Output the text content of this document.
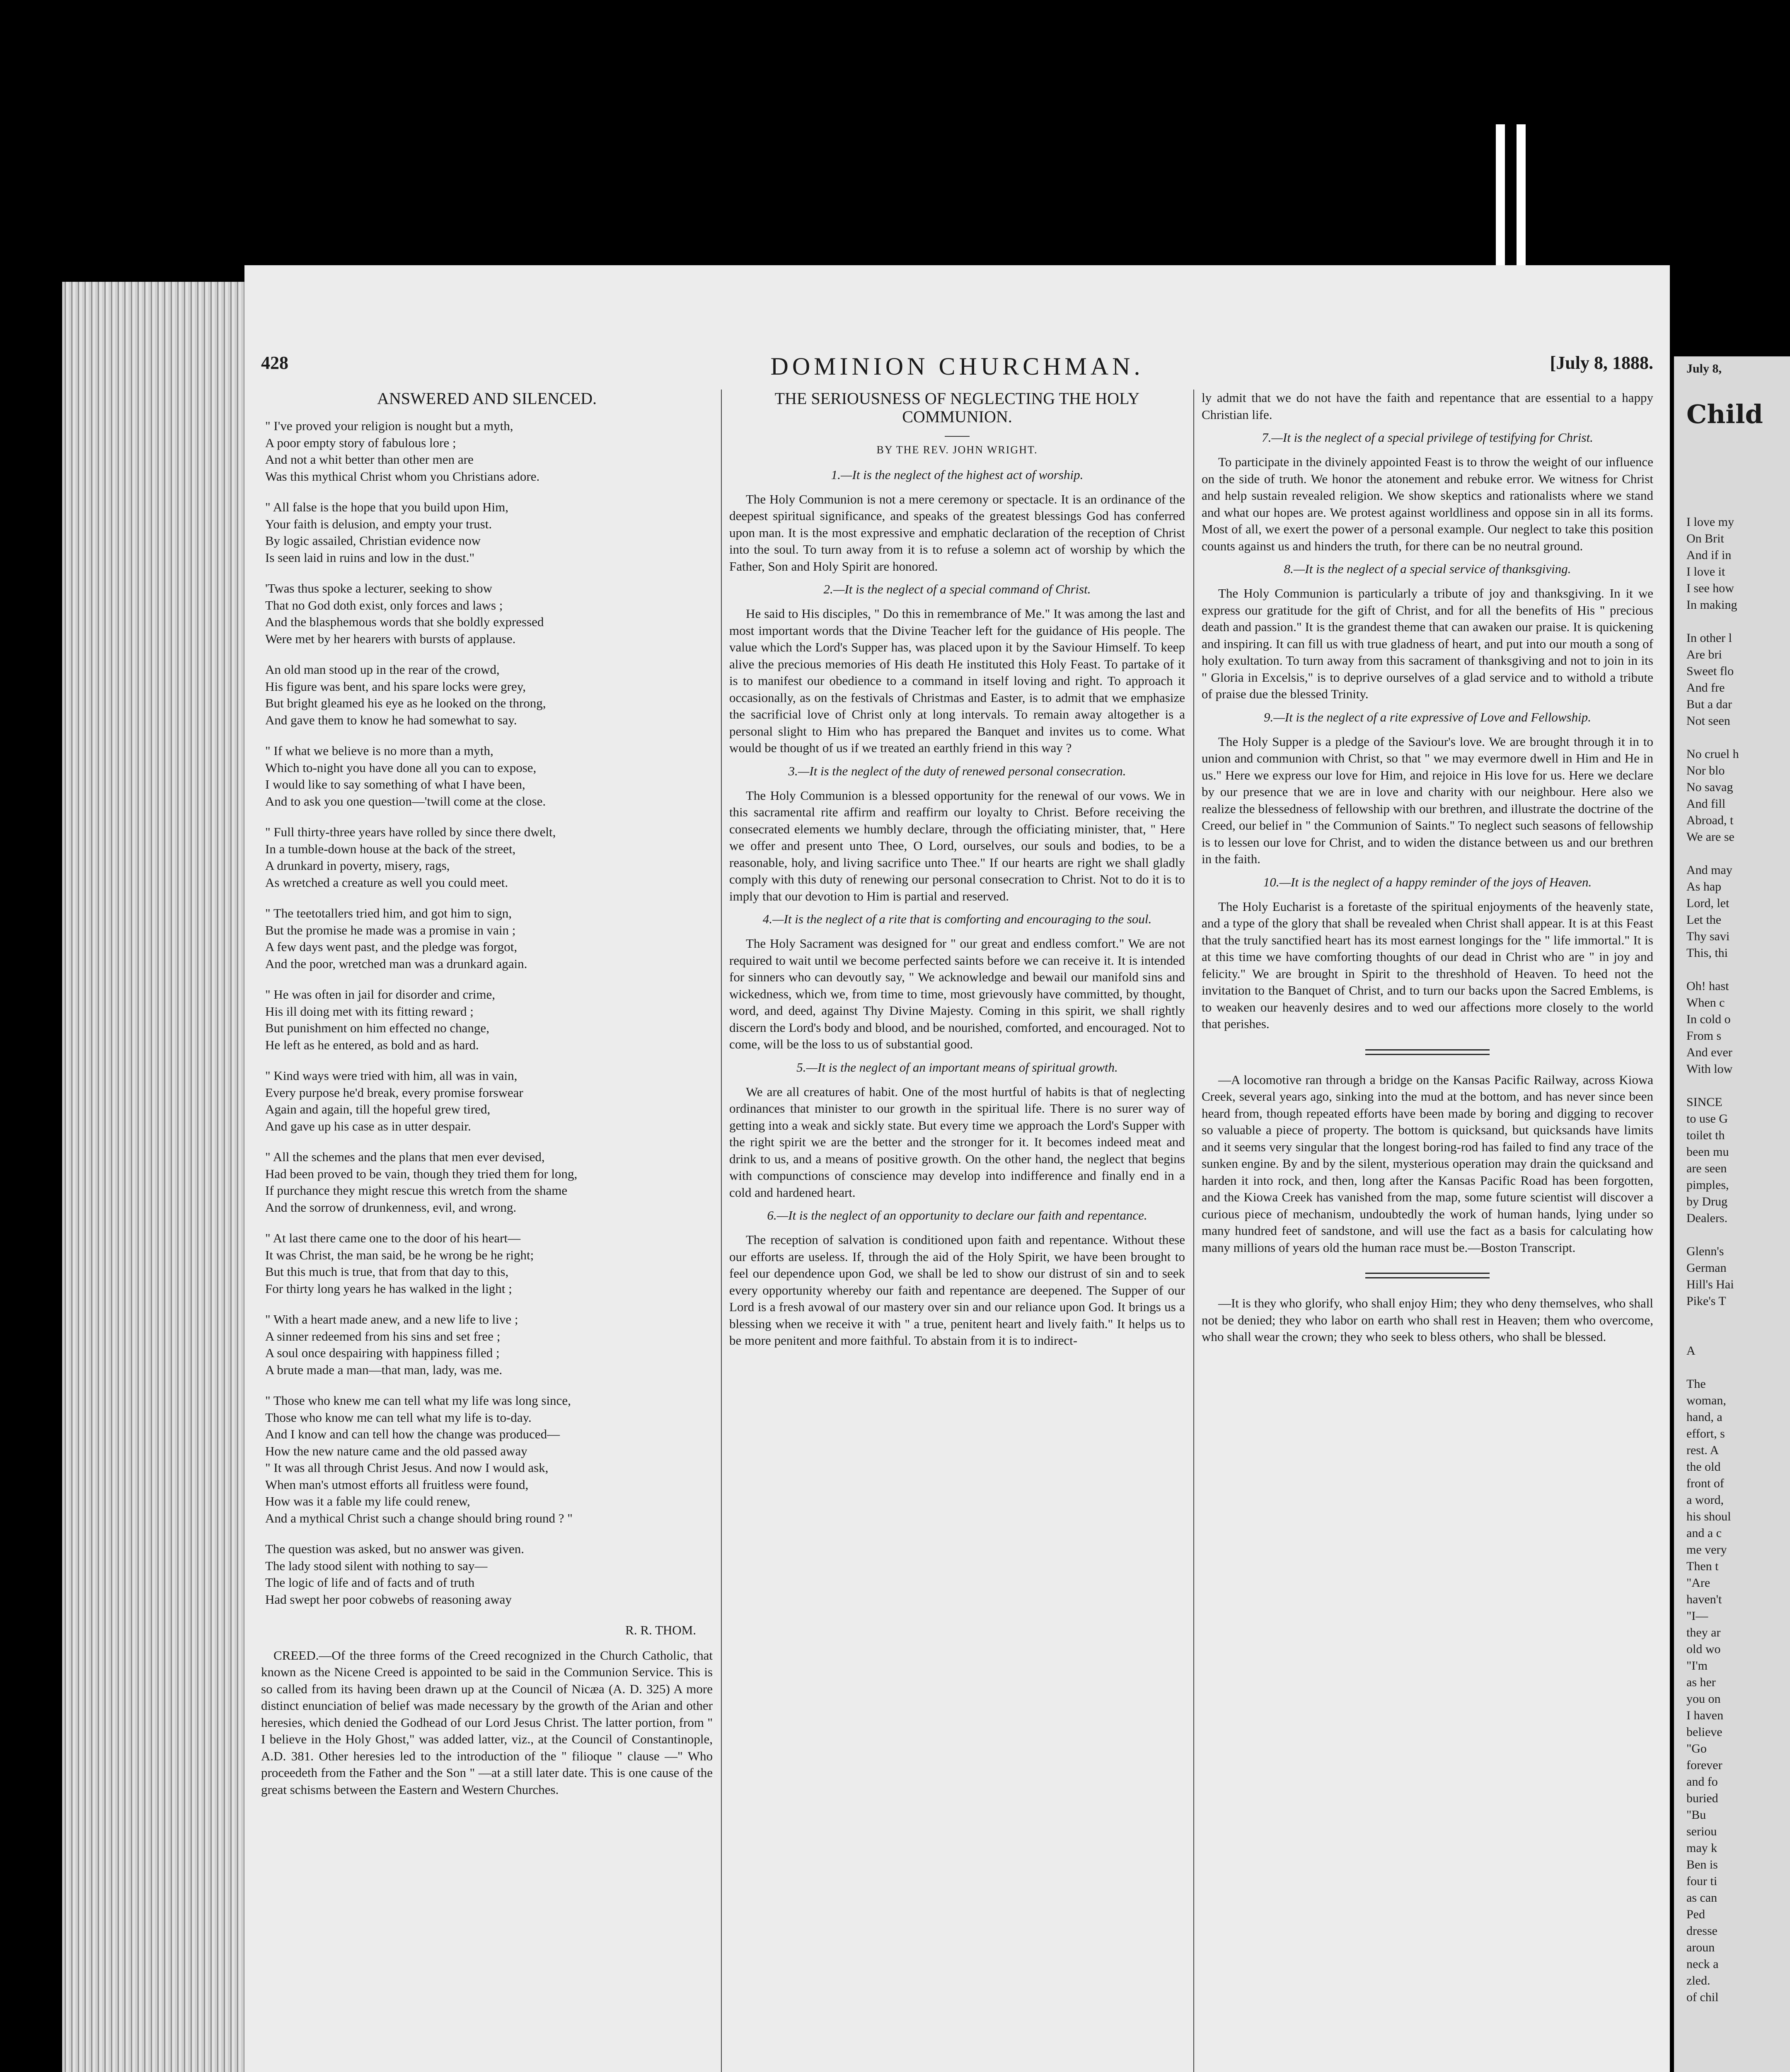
428	DOMINION CHURCHMAN.	[July 8, 1888.
ANSWERED AND SILENCED.
" I've proved your religion is nought but a myth,
A poor empty story of fabulous lore ;
And not a whit better than other men are
Was this mythical Christ whom you Christians adore.
" All false is the hope that you build upon Him,
Your faith is delusion, and empty your trust.
By logic assailed, Christian evidence now
Is seen laid in ruins and low in the dust."
'Twas thus spoke a lecturer, seeking to show
That no God doth exist, only forces and laws ;
And the blasphemous words that she boldly expressed
Were met by her hearers with bursts of applause.
An old man stood up in the rear of the crowd,
His figure was bent, and his spare locks were grey,
But bright gleamed his eye as he looked on the throng,
And gave them to know he had somewhat to say.
" If what we believe is no more than a myth,
Which to-night you have done all you can to expose,
I would like to say something of what I have been,
And to ask you one question—'twill come at the close.
" Full thirty-three years have rolled by since there dwelt,
In a tumble-down house at the back of the street,
A drunkard in poverty, misery, rags,
As wretched a creature as well you could meet.
" The teetotallers tried him, and got him to sign,
But the promise he made was a promise in vain ;
A few days went past, and the pledge was forgot,
And the poor, wretched man was a drunkard again.
" He was often in jail for disorder and crime,
His ill doing met with its fitting reward ;
But punishment on him effected no change,
He left as he entered, as bold and as hard.
" Kind ways were tried with him, all was in vain,
Every purpose he'd break, every promise forswear
Again and again, till the hopeful grew tired,
And gave up his case as in utter despair.
" All the schemes and the plans that men ever devised,
Had been proved to be vain, though they tried them for long,
If purchance they might rescue this wretch from the shame
And the sorrow of drunkenness, evil, and wrong.
" At last there came one to the door of his heart—
It was Christ, the man said, be he wrong be he right;
But this much is true, that from that day to this,
For thirty long years he has walked in the light ;
" With a heart made anew, and a new life to live ;
A sinner redeemed from his sins and set free ;
A soul once despairing with happiness filled ;
A brute made a man—that man, lady, was me.
" Those who knew me can tell what my life was long since,
Those who know me can tell what my life is to-day.
And I know and can tell how the change was produced—
How the new nature came and the old passed away
" It was all through Christ Jesus. And now I would ask,
When man's utmost efforts all fruitless were found,
How was it a fable my life could renew,
And a mythical Christ such a change should bring round ? "
The question was asked, but no answer was given.
The lady stood silent with nothing to say—
The logic of life and of facts and of truth
Had swept her poor cobwebs of reasoning away
R. R. THOM.

CREED.—Of the three forms of the Creed recognized in the Church Catholic, that known as the Nicene Creed is appointed to be said in the Communion Service. This is so called from its having been drawn up at the Council of Nicæa (A. D. 325) A more distinct enunciation of belief was made necessary by the growth of the Arian and other heresies, which denied the Godhead of our Lord Jesus Christ. The latter portion, from " I believe in the Holy Ghost," was added latter, viz., at the Council of Constantinople, A.D. 381. Other heresies led to the introduction of the " filioque " clause —" Who proceedeth from the Father and the Son " —at a still later date. This is one cause of the great schisms between the Eastern and Western Churches.

THE SERIOUSNESS OF NEGLECTING THE HOLY COMMUNION.
BY THE REV. JOHN WRIGHT.
1.—It is the neglect of the highest act of worship.

The Holy Communion is not a mere ceremony or spectacle. It is an ordinance of the deepest spiritual significance, and speaks of the greatest blessings God has conferred upon man. It is the most expressive and emphatic declaration of the reception of Christ into the soul. To turn away from it is to refuse a solemn act of worship by which the Father, Son and Holy Spirit are honored.

2.—It is the neglect of a special command of Christ.

He said to His disciples, " Do this in remembrance of Me." It was among the last and most important words that the Divine Teacher left for the guidance of His people. The value which the Lord's Supper has, was placed upon it by the Saviour Himself. To keep alive the precious memories of His death He instituted this Holy Feast. To partake of it is to manifest our obedience to a command in itself loving and right. To approach it occasionally, as on the festivals of Christmas and Easter, is to admit that we emphasize the sacrificial love of Christ only at long intervals. To remain away altogether is a personal slight to Him who has prepared the Banquet and invites us to come. What would be thought of us if we treated an earthly friend in this way ?

3.—It is the neglect of the duty of renewed personal consecration.

The Holy Communion is a blessed opportunity for the renewal of our vows. We in this sacramental rite affirm and reaffirm our loyalty to Christ. Before receiving the consecrated elements we humbly declare, through the officiating minister, that, " Here we offer and present unto Thee, O Lord, ourselves, our souls and bodies, to be a reasonable, holy, and living sacrifice unto Thee." If our hearts are right we shall gladly comply with this duty of renewing our personal consecration to Christ. Not to do it is to imply that our devotion to Him is partial and reserved.

4.—It is the neglect of a rite that is comforting and encouraging to the soul.

The Holy Sacrament was designed for " our great and endless comfort." We are not required to wait until we become perfected saints before we can receive it. It is intended for sinners who can devoutly say, " We acknowledge and bewail our manifold sins and wickedness, which we, from time to time, most grievously have committed, by thought, word, and deed, against Thy Divine Majesty. Coming in this spirit, we shall rightly discern the Lord's body and blood, and be nourished, comforted, and encouraged. Not to come, will be the loss to us of substantial good.

5.—It is the neglect of an important means of spiritual growth.

We are all creatures of habit. One of the most hurtful of habits is that of neglecting ordinances that minister to our growth in the spiritual life. There is no surer way of getting into a weak and sickly state. But every time we approach the Lord's Supper with the right spirit we are the better and the stronger for it. It becomes indeed meat and drink to us, and a means of positive growth. On the other hand, the neglect that begins with compunctions of conscience may develop into indifference and finally end in a cold and hardened heart.

6.—It is the neglect of an opportunity to declare our faith and repentance.

The reception of salvation is conditioned upon faith and repentance. Without these our efforts are useless. If, through the aid of the Holy Spirit, we have been brought to feel our dependence upon God, we shall be led to show our distrust of sin and to seek every opportunity whereby our faith and repentance are deepened. The Supper of our Lord is a fresh avowal of our mastery over sin and our reliance upon God. It brings us a blessing when we receive it with " a true, penitent heart and lively faith." It helps us to be more penitent and more faithful. To abstain from it is to indirect-

ly admit that we do not have the faith and repentance that are essential to a happy Christian life.

7.—It is the neglect of a special privilege of testifying for Christ.

To participate in the divinely appointed Feast is to throw the weight of our influence on the side of truth. We honor the atonement and rebuke error. We witness for Christ and help sustain revealed religion. We show skeptics and rationalists where we stand and what our hopes are. We protest against worldliness and oppose sin in all its forms. Most of all, we exert the power of a personal example. Our neglect to take this position counts against us and hinders the truth, for there can be no neutral ground.

8.—It is the neglect of a special service of thanksgiving.

The Holy Communion is particularly a tribute of joy and thanksgiving. In it we express our gratitude for the gift of Christ, and for all the benefits of His " precious death and passion." It is the grandest theme that can awaken our praise. It is quickening and inspiring. It can fill us with true gladness of heart, and put into our mouth a song of holy exultation. To turn away from this sacrament of thanksgiving and not to join in its " Gloria in Excelsis," is to deprive ourselves of a glad service and to withold a tribute of praise due the blessed Trinity.

9.—It is the neglect of a rite expressive of Love and Fellowship.

The Holy Supper is a pledge of the Saviour's love. We are brought through it in to union and communion with Christ, so that " we may evermore dwell in Him and He in us." Here we express our love for Him, and rejoice in His love for us. Here we declare by our presence that we are in love and charity with our neighbour. Here also we realize the blessedness of fellowship with our brethren, and illustrate the doctrine of the Creed, our belief in " the Communion of Saints." To neglect such seasons of fellowship is to lessen our love for Christ, and to widen the distance between us and our brethren in the faith.

10.—It is the neglect of a happy reminder of the joys of Heaven.

The Holy Eucharist is a foretaste of the spiritual enjoyments of the heavenly state, and a type of the glory that shall be revealed when Christ shall appear. It is at this Feast that the truly sanctified heart has its most earnest longings for the " life immortal." It is at this time we have comforting thoughts of our dead in Christ who are " in joy and felicity." We are brought in Spirit to the threshhold of Heaven. To heed not the invitation to the Banquet of Christ, and to turn our backs upon the Sacred Emblems, is to weaken our heavenly desires and to wed our affections more closely to the world that perishes.

—A locomotive ran through a bridge on the Kansas Pacific Railway, across Kiowa Creek, several years ago, sinking into the mud at the bottom, and has never since been heard from, though repeated efforts have been made by boring and digging to recover so valuable a piece of property. The bottom is quicksand, but quicksands have limits and it seems very singular that the longest boring-rod has failed to find any trace of the sunken engine. By and by the silent, mysterious operation may drain the quicksand and harden it into rock, and then, long after the Kansas Pacific Road has been forgotten, and the Kiowa Creek has vanished from the map, some future scientist will discover a curious piece of mechanism, undoubtedly the work of human hands, lying under so many hundred feet of sandstone, and will use the fact as a basis for calculating how many millions of years old the human race must be.—Boston Transcript.

—It is they who glorify, who shall enjoy Him; they who deny themselves, who shall not be denied; they who labor on earth who shall rest in Heaven; them who overcome, who shall wear the crown; they who seek to bless others, who shall be blessed.

July 8,
Child
I love my
On Brit
And if in
I love it
I see how
In making

In other l
Are bri
Sweet flo
And fre
But a dar
Not seen

No cruel h
Nor blo
No savag
And fill
Abroad, t
We are se

And may
As hap
Lord, let
Let the
Thy savi
This, thi

Oh! hast
When c
In cold o
From s
And ever
With low

SINCE
to use G
toilet th
been mu
are seen
pimples,
by Drug
Dealers.

Glenn's
German
Hill's Hai
Pike's T

A

The
woman,
hand, a
effort, s
rest. A
the old
front of
a word,
his shoul
and a c
me very
Then t
"Are
haven't
"I—
they ar
old wo
"I'm
as her
you on
I haven
believe
"Go
forever
and fo
buried
"Bu
seriou
may k
Ben is
four ti
as can
Ped
dresse
aroun
neck a
zled.
of chil
